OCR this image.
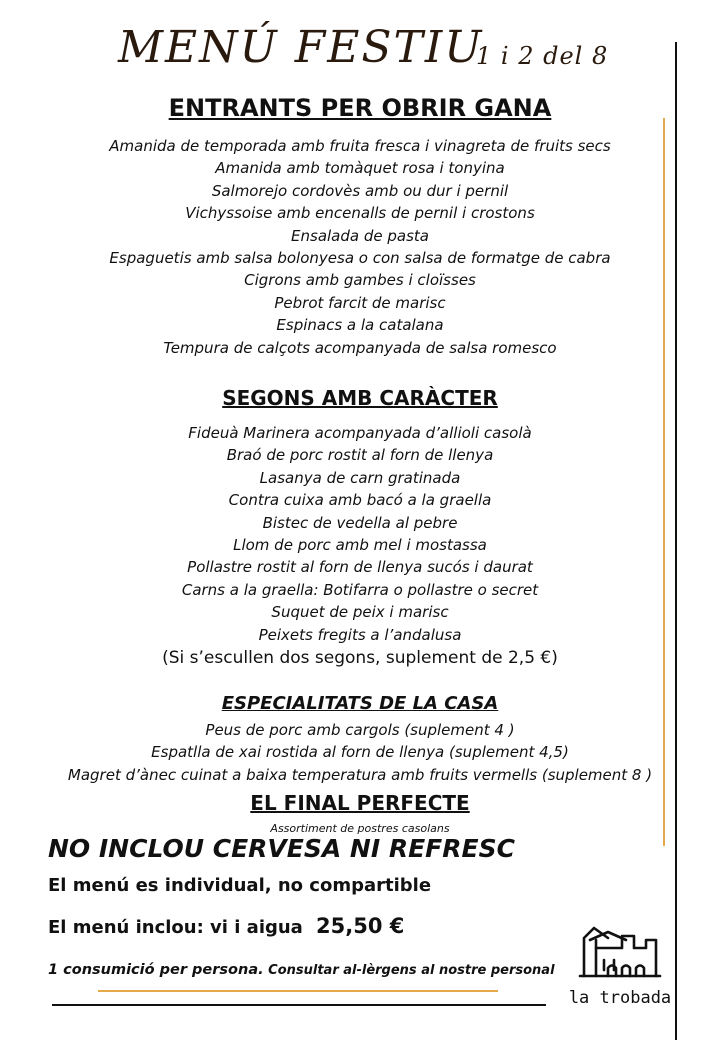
MENÚ FESTIU
1 i 2 del 8
ENTRANTS PER OBRIR GANA
Amanida de temporada amb fruita fresca i vinagreta de fruits secs
Amanida amb tomàquet rosa i tonyina
Salmorejo cordovès amb ou dur i pernil
Vichyssoise amb encenalls de pernil i crostons
Ensalada de pasta
Espaguetis amb salsa bolonyesa o con salsa de formatge de cabra
Cigrons amb gambes i cloïsses
Pebrot farcit de marisc
Espinacs a la catalana
Tempura de calçots acompanyada de salsa romesco
SEGONS AMB CARÀCTER
Fideuà Marinera acompanyada d’allioli casolà
Braó de porc rostit al forn de llenya
Lasanya de carn gratinada
Contra cuixa amb bacó a la graella
Bistec de vedella al pebre
Llom de porc amb mel i mostassa
Pollastre rostit al forn de llenya sucós i daurat
Carns a la graella: Botifarra o pollastre o secret
Suquet de peix i marisc
Peixets fregits a l’andalusa
(Si s’escullen dos segons, suplement de 2,5 €)
ESPECIALITATS DE LA CASA
Peus de porc amb cargols (suplement 4 )
Espatlla de xai rostida al forn de llenya (suplement 4,5)
Magret d’ànec cuinat a baixa temperatura amb fruits vermells (suplement 8 )
EL FINAL PERFECTE
Assortiment de postres casolans
NO INCLOU CERVESA NI REFRESC
El menú es individual, no compartible
El menú inclou: vi i aigua 25,50 €
1 consumició per persona. Consultar al-lèrgens al nostre personal
la trobada
